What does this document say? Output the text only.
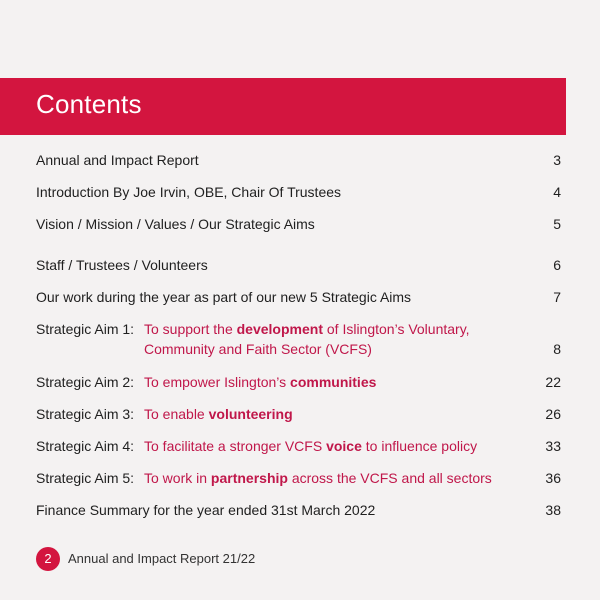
Contents
Annual and Impact Report	3
Introduction By Joe Irvin, OBE, Chair Of Trustees	4
Vision / Mission / Values / Our Strategic Aims	5
Staff / Trustees / Volunteers	6
Our work during the year as part of our new 5 Strategic Aims	7
Strategic Aim 1: To support the development of Islington’s Voluntary, Community and Faith Sector (VCFS)	8
Strategic Aim 2: To empower Islington’s communities	22
Strategic Aim 3: To enable volunteering	26
Strategic Aim 4: To facilitate a stronger VCFS voice to influence policy	33
Strategic Aim 5: To work in partnership across the VCFS and all sectors	36
Finance Summary for the year ended 31st March 2022	38
2	Annual and Impact Report 21/22
